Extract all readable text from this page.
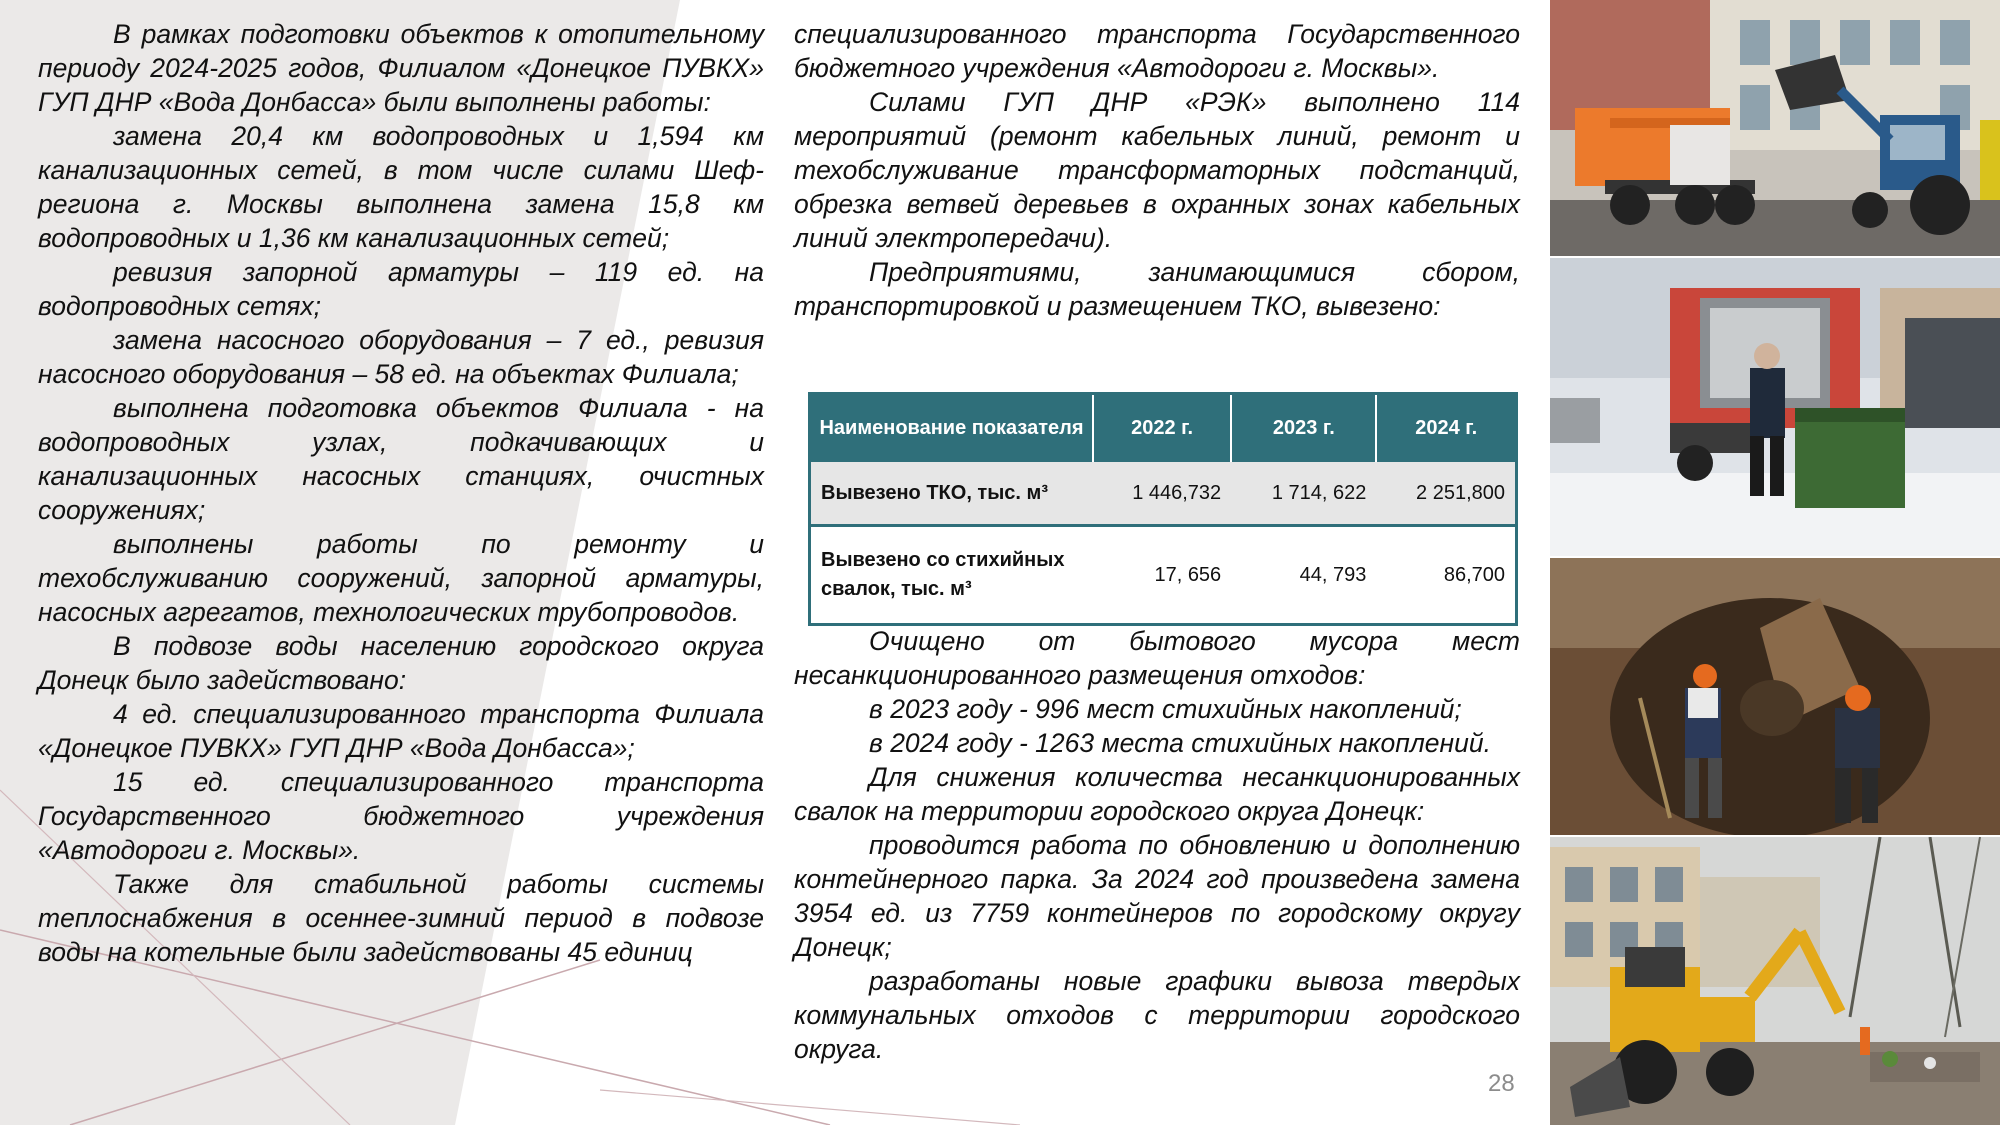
В рамках подготовки объектов к отопительному периоду 2024-2025 годов, Филиалом «Донецкое ПУВКХ» ГУП ДНР «Вода Донбасса» были выполнены работы:

замена 20,4 км водопроводных и 1,594 км канализационных сетей, в том числе силами Шеф-региона г. Москвы выполнена замена 15,8 км водопроводных и 1,36 км канализационных сетей;

ревизия запорной арматуры – 119 ед. на водопроводных сетях;

замена насосного оборудования – 7 ед., ревизия насосного оборудования – 58 ед. на объектах Филиала;

выполнена подготовка объектов Филиала - на водопроводных узлах, подкачивающих и канализационных насосных станциях, очистных сооружениях;

выполнены работы по ремонту и техобслуживанию сооружений, запорной арматуры, насосных агрегатов, технологических трубопроводов.

В подвозе воды населению городского округа Донецк было задействовано:

4 ед. специализированного транспорта Филиала «Донецкое ПУВКХ» ГУП ДНР «Вода Донбасса»;

15 ед. специализированного транспорта Государственного бюджетного учреждения «Автодороги г. Москвы».

Также для стабильной работы системы теплоснабжения в осеннее-зимний период в подвозе воды на котельные были задействованы 45 единиц

специализированного транспорта Государственного бюджетного учреждения «Автодороги г. Москвы».

Силами ГУП ДНР «РЭК» выполнено 114 мероприятий (ремонт кабельных линий, ремонт и техобслуживание трансформаторных подстанций, обрезка ветвей деревьев в охранных зонах кабельных линий электропередачи).

Предприятиями, занимающимися сбором, транспортировкой и размещением ТКО, вывезено:

Наименование показателя	2022 г.	2023 г.	2024 г.
Вывезено ТКО, тыс. м³	1 446,732	1 714, 622	2 251,800
Вывезено со стихийных свалок, тыс. м³	17, 656	44, 793	86,700

Очищено от бытового мусора мест несанкционированного размещения отходов:

в 2023 году - 996 мест стихийных накоплений;

в 2024 году - 1263 места стихийных накоплений.

Для снижения количества несанкционированных свалок на территории городского округа Донецк:

проводится работа по обновлению и дополнению контейнерного парка. За 2024 год произведена замена 3954 ед. из 7759 контейнеров по городскому округу Донецк;

разработаны новые графики вывоза твердых коммунальных отходов с территории городского округа.

28
